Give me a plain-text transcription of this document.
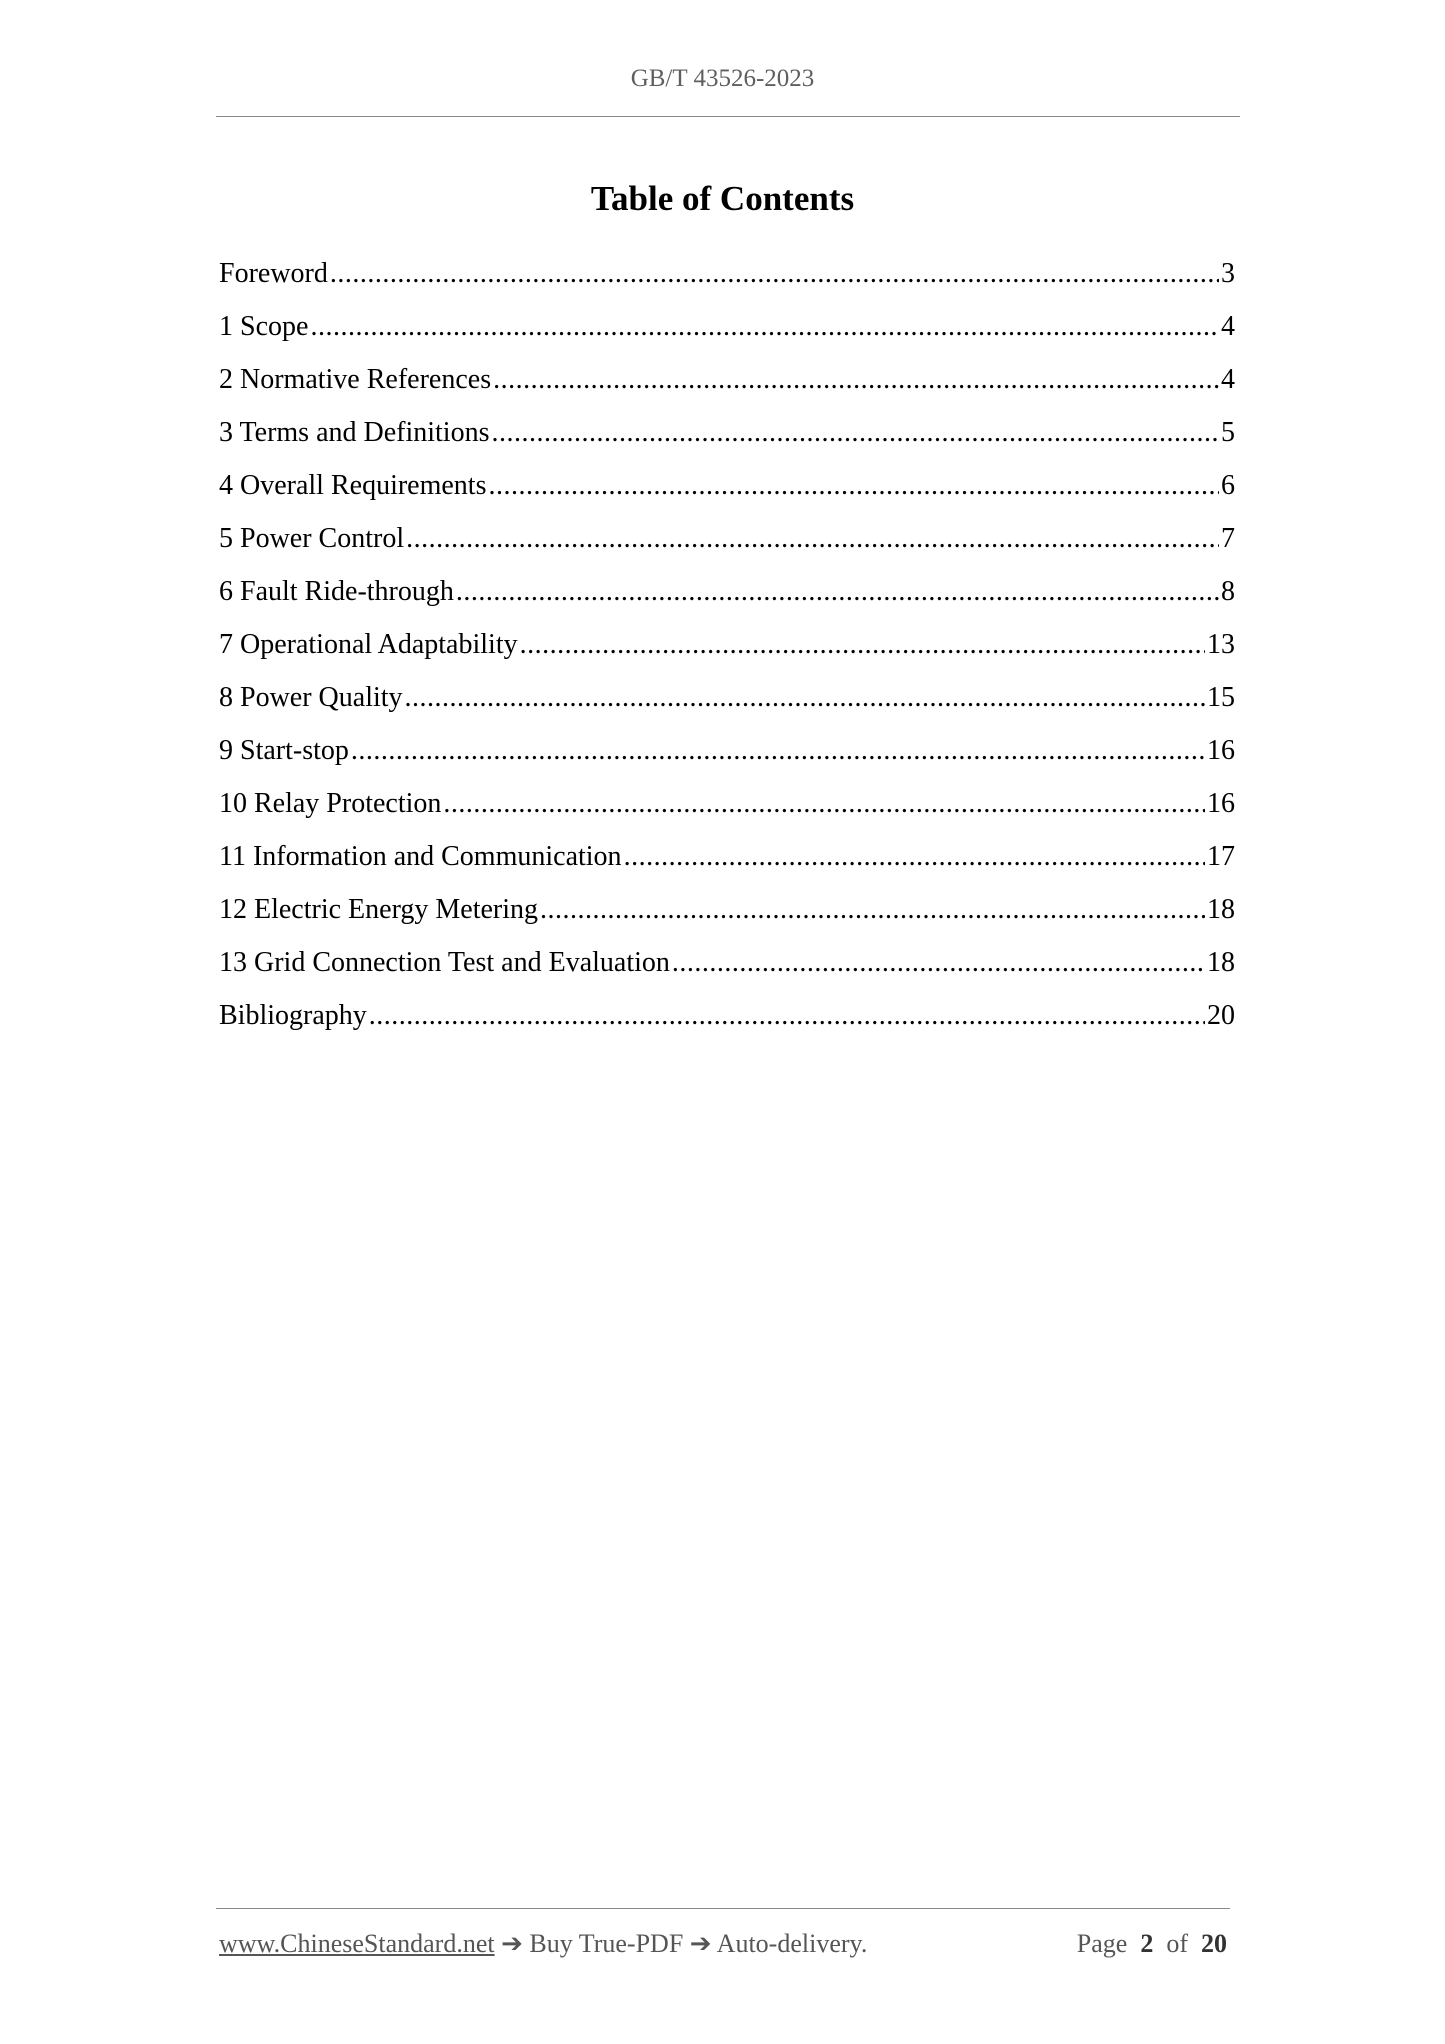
GB/T 43526-2023
Table of Contents
Foreword .....	3
1 Scope .....	4
2 Normative References .....	4
3 Terms and Definitions .....	5
4 Overall Requirements .....	6
5 Power Control .....	7
6 Fault Ride-through .....	8
7 Operational Adaptability .....	13
8 Power Quality .....	15
9 Start-stop .....	16
10 Relay Protection .....	16
11 Information and Communication .....	17
12 Electric Energy Metering .....	18
13 Grid Connection Test and Evaluation .....	18
Bibliography .....	20
www.ChineseStandard.net ➔ Buy True-PDF ➔ Auto-delivery.	Page 2 of 20
